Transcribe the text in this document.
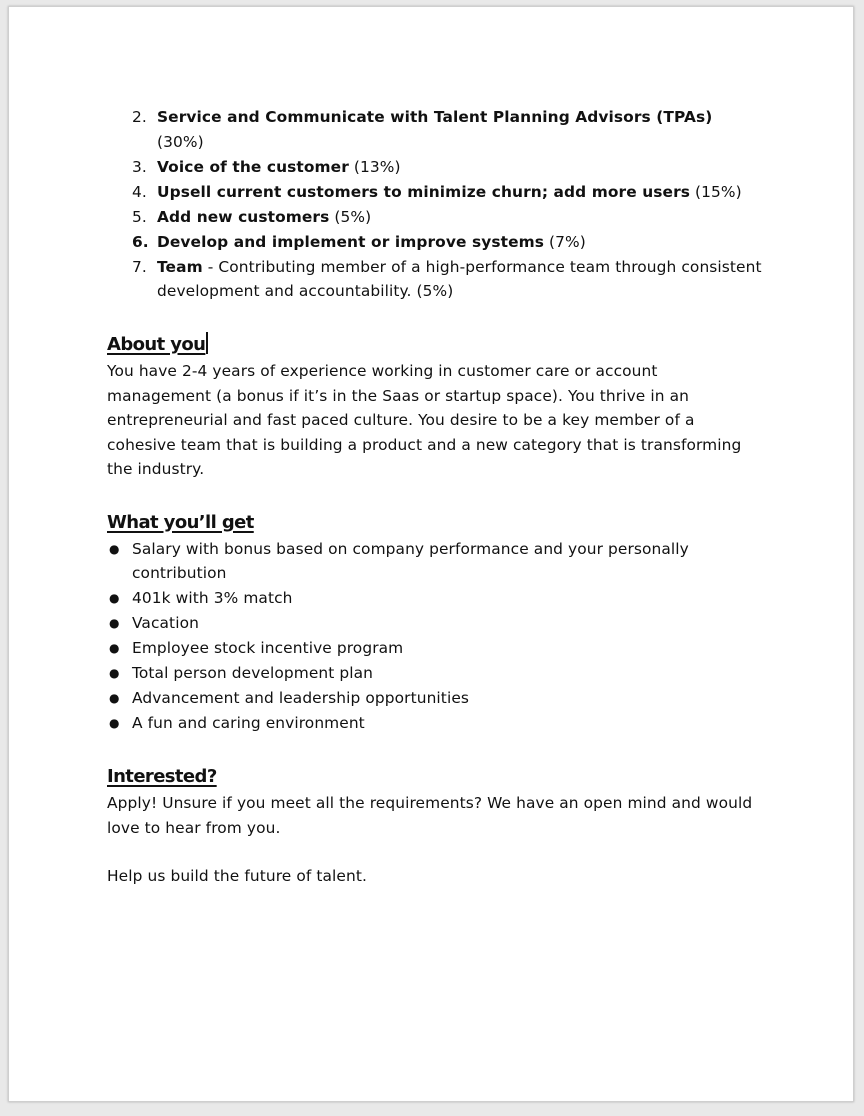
2. Service and Communicate with Talent Planning Advisors (TPAs) (30%)
3. Voice of the customer (13%)
4. Upsell current customers to minimize churn; add more users (15%)
5. Add new customers (5%)
6. Develop and implement or improve systems (7%)
7. Team - Contributing member of a high-performance team through consistent development and accountability. (5%)
About you

You have 2-4 years of experience working in customer care or account management (a bonus if it’s in the Saas or startup space). You thrive in an entrepreneurial and fast paced culture. You desire to be a key member of a cohesive team that is building a product and a new category that is transforming the industry.

What you’ll get
● Salary with bonus based on company performance and your personally contribution
● 401k with 3% match
● Vacation
● Employee stock incentive program
● Total person development plan
● Advancement and leadership opportunities
● A fun and caring environment
Interested?

Apply! Unsure if you meet all the requirements? We have an open mind and would love to hear from you.

Help us build the future of talent.
